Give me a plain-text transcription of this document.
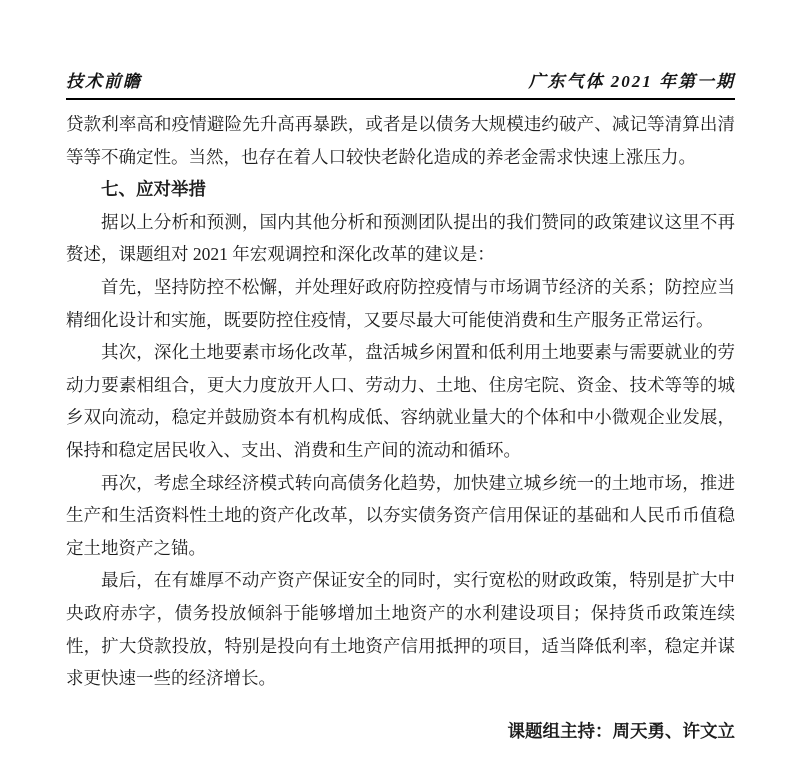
技术前瞻	广东气体 2021 年第一期

贷款利率高和疫情避险先升高再暴跌，或者是以债务大规模违约破产、减记等清算出清等等不确定性。当然，也存在着人口较快老龄化造成的养老金需求快速上涨压力。

七、应对举措

据以上分析和预测，国内其他分析和预测团队提出的我们赞同的政策建议这里不再赘述，课题组对 2021 年宏观调控和深化改革的建议是：

首先，坚持防控不松懈，并处理好政府防控疫情与市场调节经济的关系；防控应当精细化设计和实施，既要防控住疫情，又要尽最大可能使消费和生产服务正常运行。

其次，深化土地要素市场化改革，盘活城乡闲置和低利用土地要素与需要就业的劳动力要素相组合，更大力度放开人口、劳动力、土地、住房宅院、资金、技术等等的城乡双向流动，稳定并鼓励资本有机构成低、容纳就业量大的个体和中小微观企业发展，保持和稳定居民收入、支出、消费和生产间的流动和循环。

再次，考虑全球经济模式转向高债务化趋势，加快建立城乡统一的土地市场，推进生产和生活资料性土地的资产化改革，以夯实债务资产信用保证的基础和人民币币值稳定土地资产之锚。

最后，在有雄厚不动产资产保证安全的同时，实行宽松的财政政策，特别是扩大中央政府赤字，债务投放倾斜于能够增加土地资产的水利建设项目；保持货币政策连续性，扩大贷款投放，特别是投向有土地资产信用抵押的项目，适当降低利率，稳定并谋求更快速一些的经济增长。

课题组主持：周天勇、许文立
